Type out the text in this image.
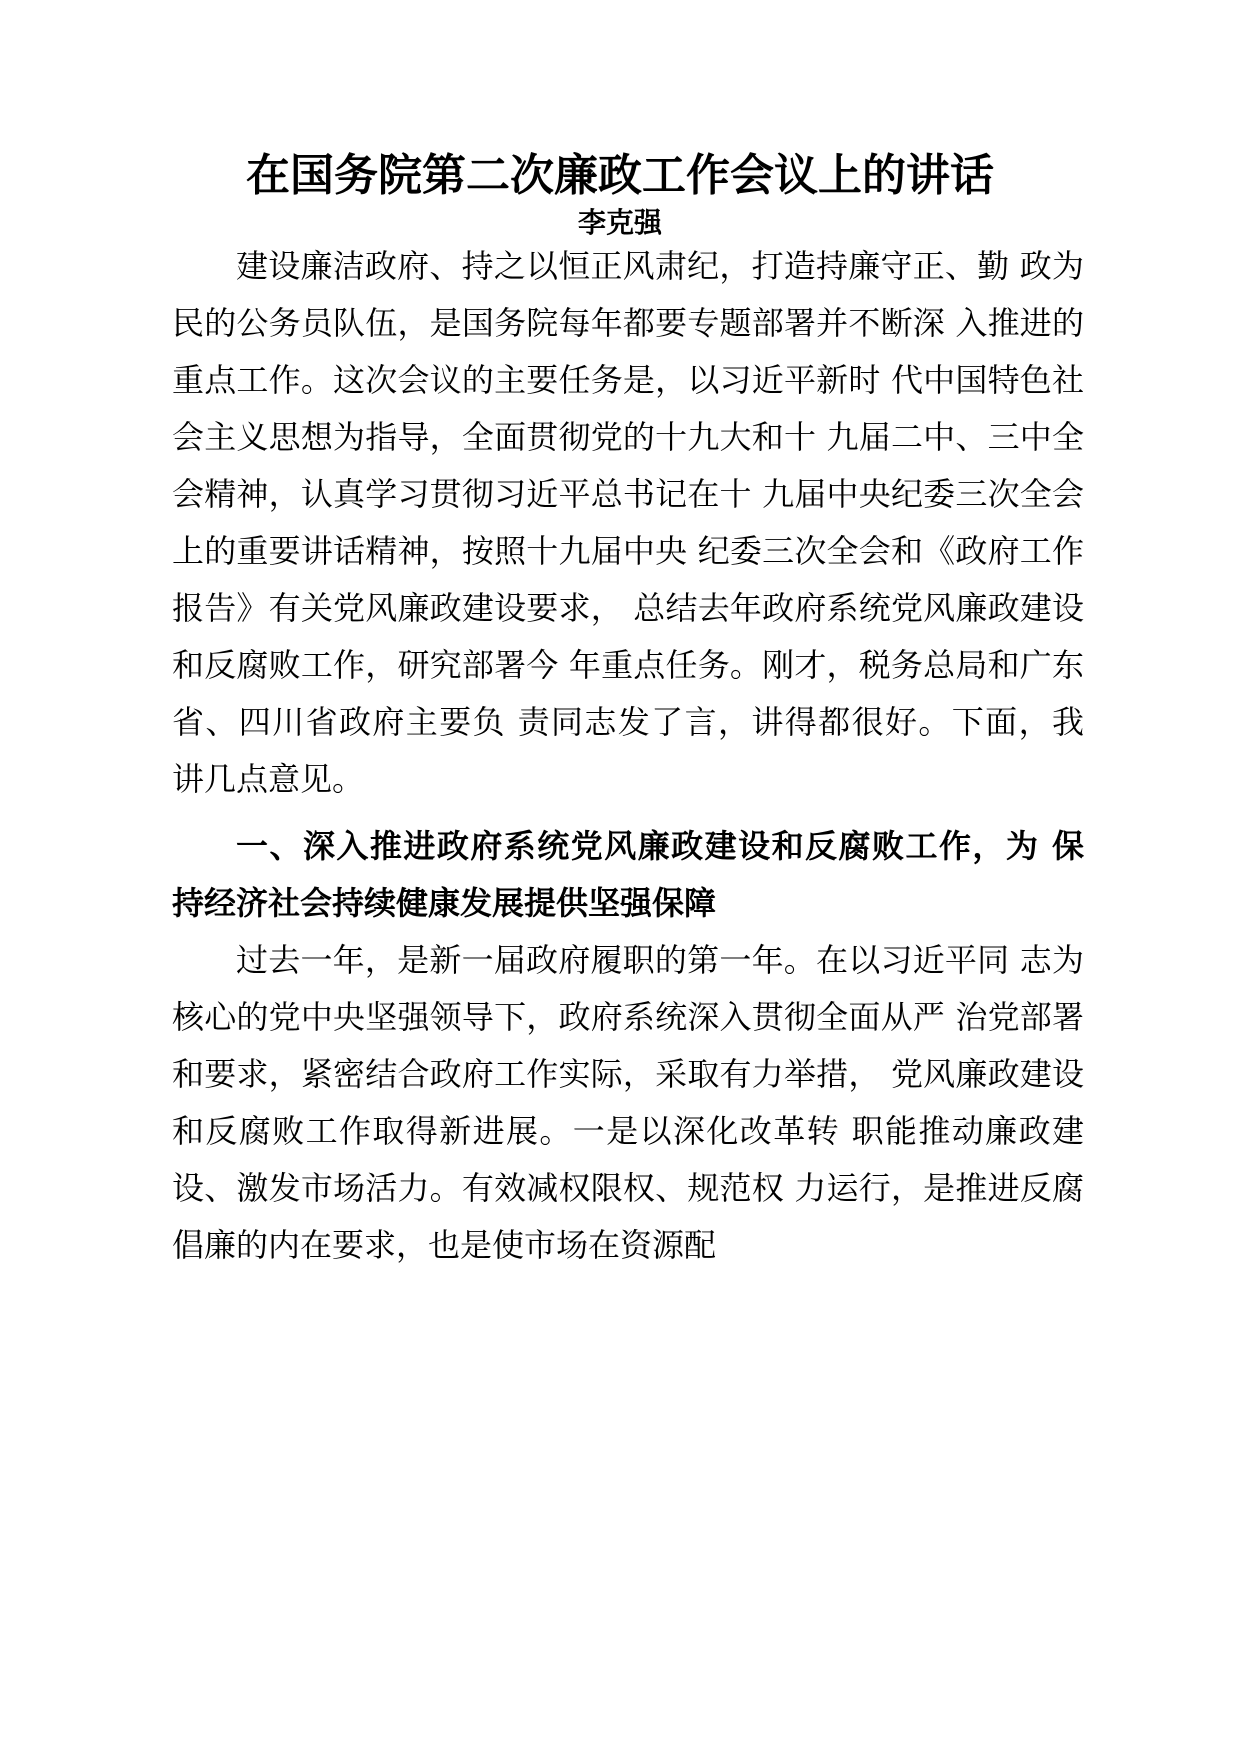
在国务院第二次廉政工作会议上的讲话
李克强
建设廉洁政府、持之以恒正风肃纪，打造持廉守正、勤 政为
民的公务员队伍，是国务院每年都要专题部署并不断深 入推进的
重点工作。这次会议的主要任务是，以习近平新时 代中国特色社
会主义思想为指导，全面贯彻党的十九大和十 九届二中、三中全
会精神，认真学习贯彻习近平总书记在十 九届中央纪委三次全会
上的重要讲话精神，按照十九届中央 纪委三次全会和《政府工作
报告》有关党风廉政建设要求， 总结去年政府系统党风廉政建设
和反腐败工作，研究部署今 年重点任务。刚才，税务总局和广东
省、四川省政府主要负 责同志发了言，讲得都很好。下面，我
讲几点意见。
一、深入推进政府系统党风廉政建设和反腐败工作，为 保
持经济社会持续健康发展提供坚强保障
过去一年，是新一届政府履职的第一年。在以习近平同 志为
核心的党中央坚强领导下，政府系统深入贯彻全面从严 治党部署
和要求，紧密结合政府工作实际，采取有力举措， 党风廉政建设
和反腐败工作取得新进展。一是以深化改革转 职能推动廉政建
设、激发市场活力。有效减权限权、规范权 力运行，是推进反腐
倡廉的内在要求，也是使市场在资源配
